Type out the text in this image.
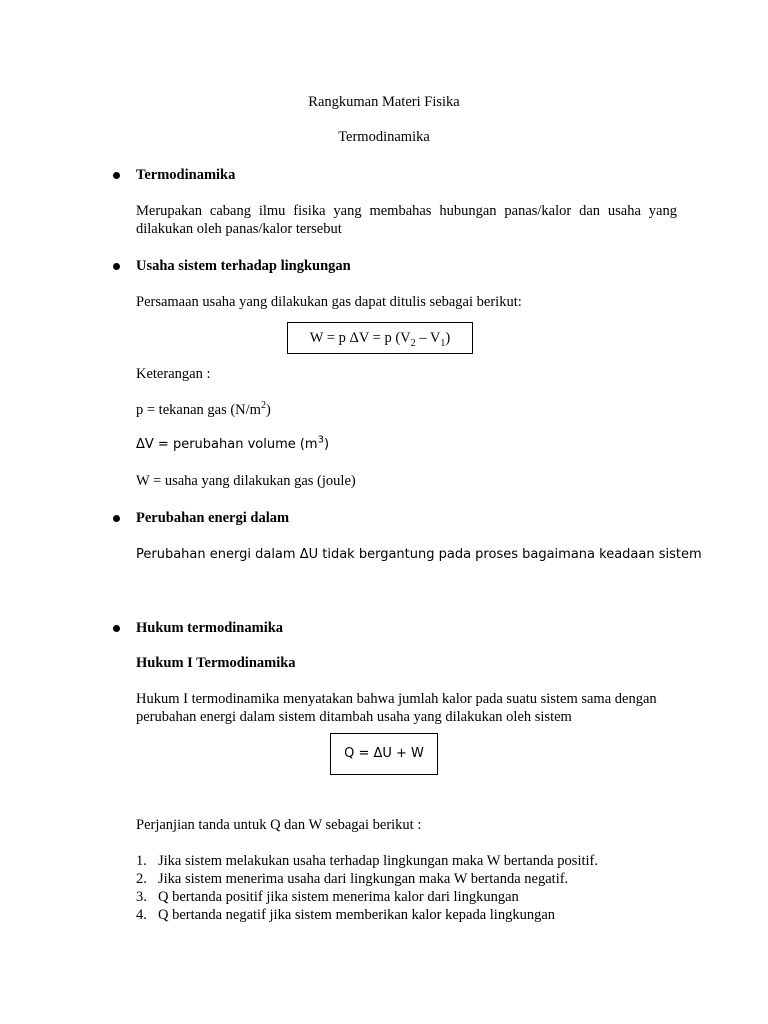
Rangkuman Materi Fisika
Termodinamika
Termodinamika
Merupakan cabang ilmu fisika yang membahas hubungan panas/kalor dan usaha yang
dilakukan oleh panas/kalor tersebut
Usaha sistem terhadap lingkungan
Persamaan usaha yang dilakukan gas dapat ditulis sebagai berikut:
W = p ΔV = p $(V_2 - V_1)$
Keterangan :
p = tekanan gas $(N/m^2)$
ΔV = perubahan volume $(m^3)$
W = usaha yang dilakukan gas (joule)
Perubahan energi dalam
Perubahan energi dalam ΔU tidak bergantung pada proses bagaimana keadaan sistem
Hukum termodinamika
Hukum I Termodinamika
Hukum I termodinamika menyatakan bahwa jumlah kalor pada suatu sistem sama dengan
perubahan energi dalam sistem ditambah usaha yang dilakukan oleh sistem
Q = ΔU + W
Perjanjian tanda untuk Q dan W sebagai berikut :
1. Jika sistem melakukan usaha terhadap lingkungan maka W bertanda positif.
2. Jika sistem menerima usaha dari lingkungan maka W bertanda negatif.
3. Q bertanda positif jika sistem menerima kalor dari lingkungan
4. Q bertanda negatif jika sistem memberikan kalor kepada lingkungan
